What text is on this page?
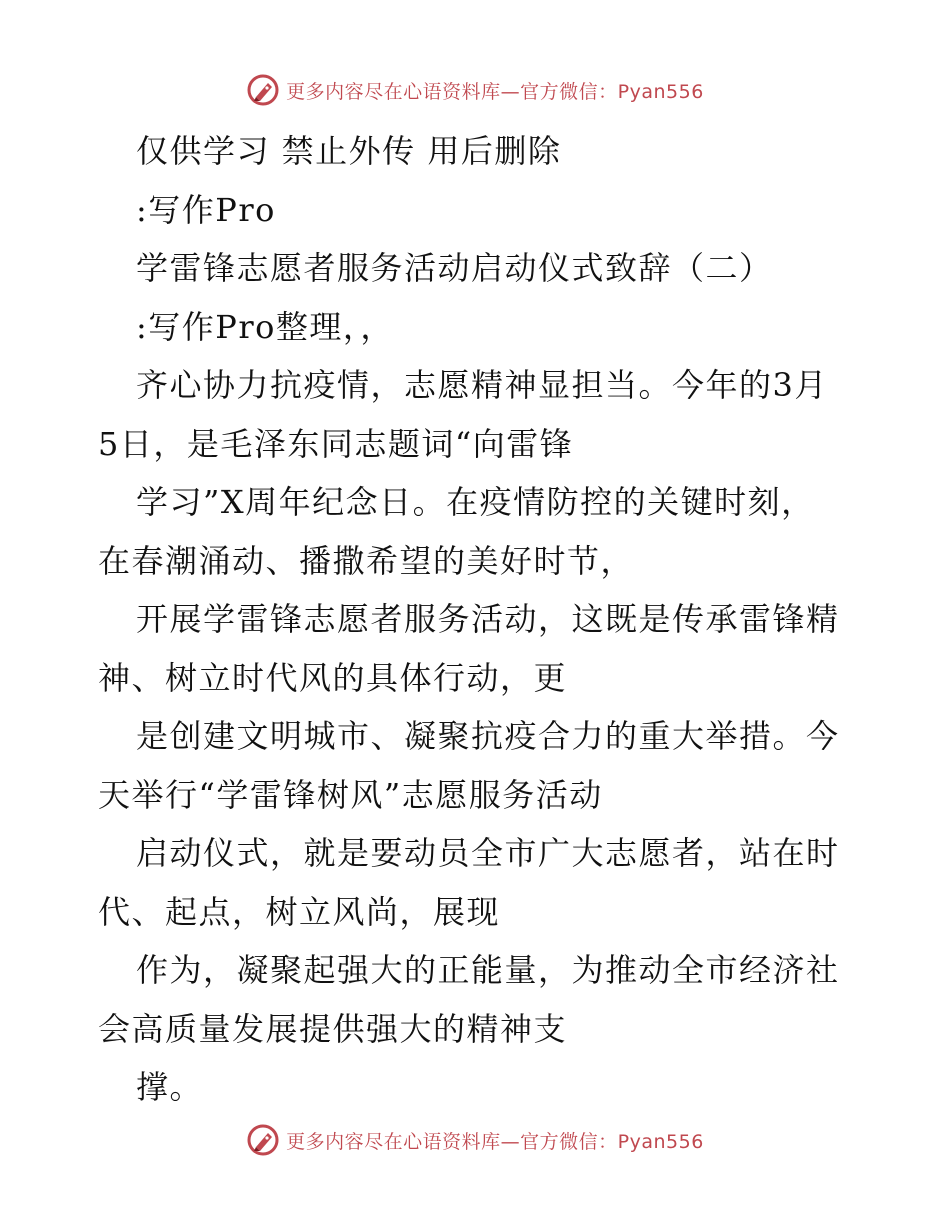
更多内容尽在心语资料库—官方微信：Pyan556
仅供学习 禁止外传 用后删除
:写作Pro
学雷锋志愿者服务活动启动仪式致辞（二）
:写作Pro整理，，
齐心协力抗疫情，志愿精神显担当。今年的3月
5日，是毛泽东同志题词“向雷锋
学习”X周年纪念日。在疫情防控的关键时刻，
在春潮涌动、播撒希望的美好时节，
开展学雷锋志愿者服务活动，这既是传承雷锋精
神、树立时代风的具体行动，更
是创建文明城市、凝聚抗疫合力的重大举措。今
天举行“学雷锋树风”志愿服务活动
启动仪式，就是要动员全市广大志愿者，站在时
代、起点，树立风尚，展现
作为，凝聚起强大的正能量，为推动全市经济社
会高质量发展提供强大的精神支
撑。
更多内容尽在心语资料库—官方微信：Pyan556
